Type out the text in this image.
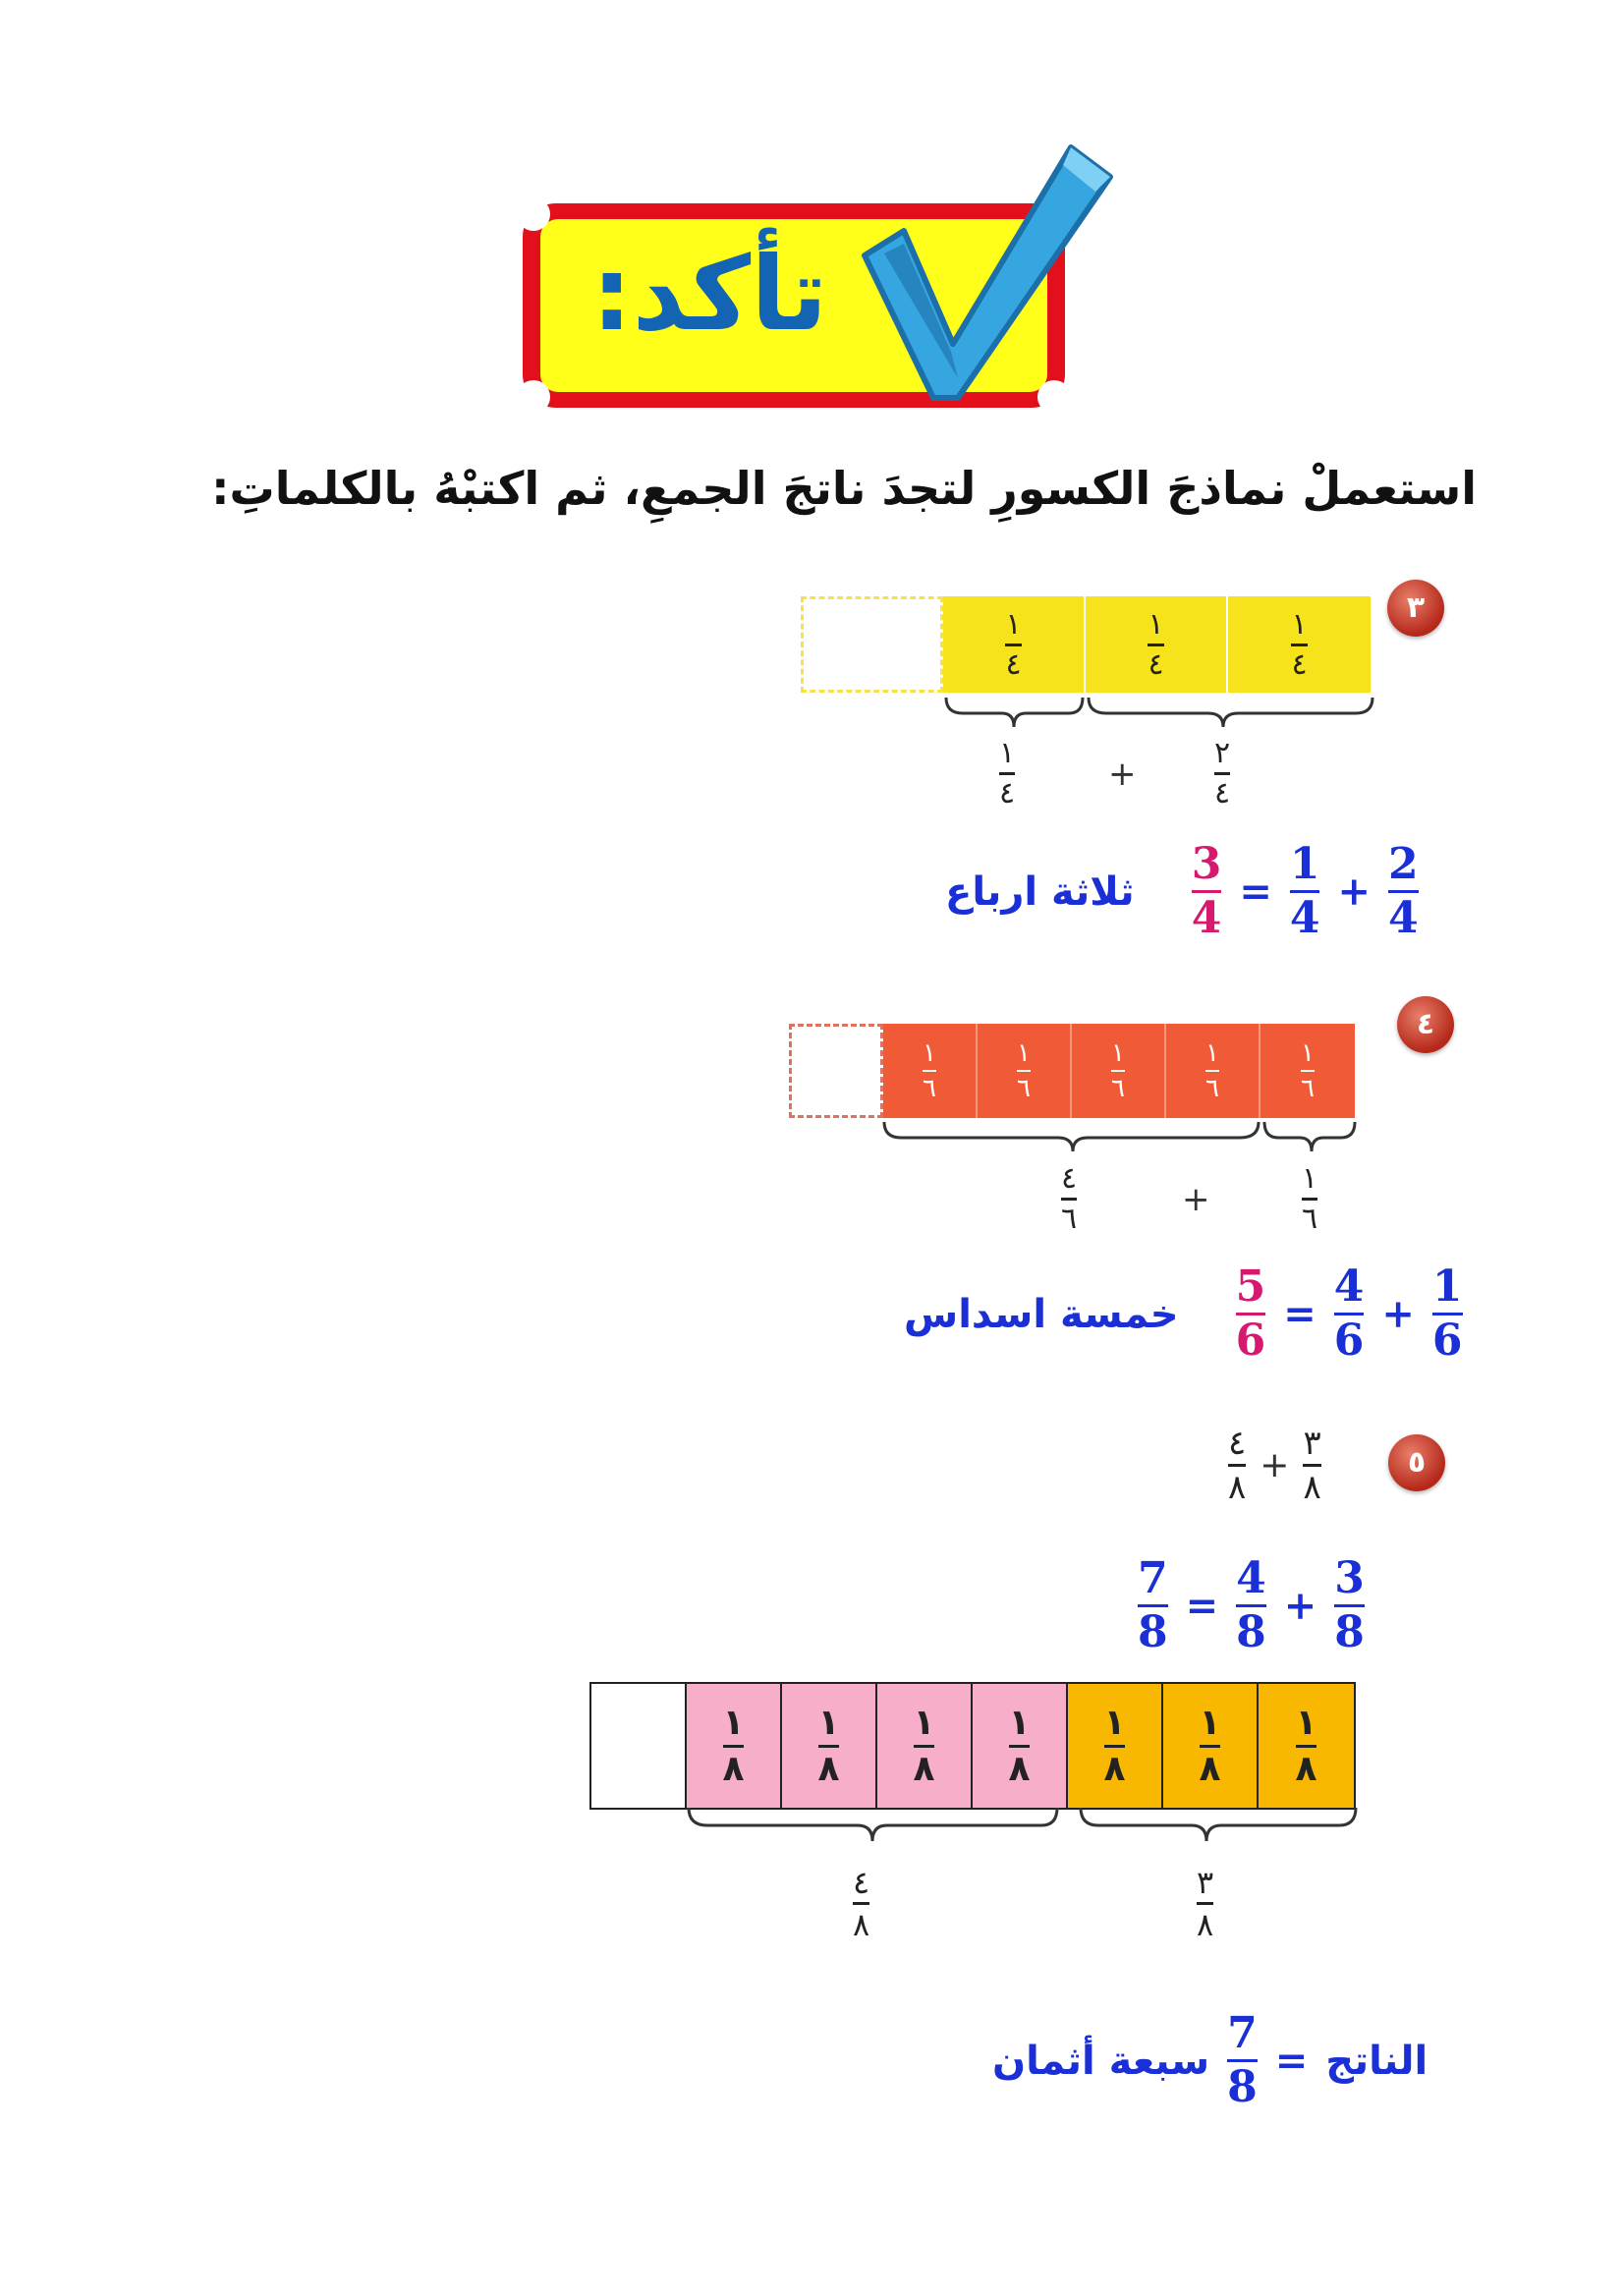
تأكد:
استعملْ نماذجَ الكسورِ لتجدَ ناتجَ الجمعِ، ثم اكتبْهُ بالكلماتِ:
٣
$\frac{١}{٤}$	$\frac{١}{٤}$	$\frac{١}{٤}$
١
٤	+
٢
٤
ثلاثة ارباع $\frac{3}{4} = \frac{1}{4} + \frac{2}{4}$
٤
$\frac{١}{٦}$	$\frac{١}{٦}$	$\frac{١}{٦}$	$\frac{١}{٦}$	$\frac{١}{٦}$
٤
٦	+
١
٦
خمسة اسداس $\frac{5}{6} = \frac{4}{6} + \frac{1}{6}$
٥
$\frac{٤}{٨} + \frac{٣}{٨}$
$\frac{7}{8} = \frac{4}{8} + \frac{3}{8}$
$\frac{١}{٨} \frac{١}{٨} \frac{١}{٨} \frac{١}{٨} \frac{١}{٨} \frac{١}{٨} \frac{١}{٨}$
٤
٨
٣
٨
سبعة أثمان $\frac{7}{8}$ = الناتج
